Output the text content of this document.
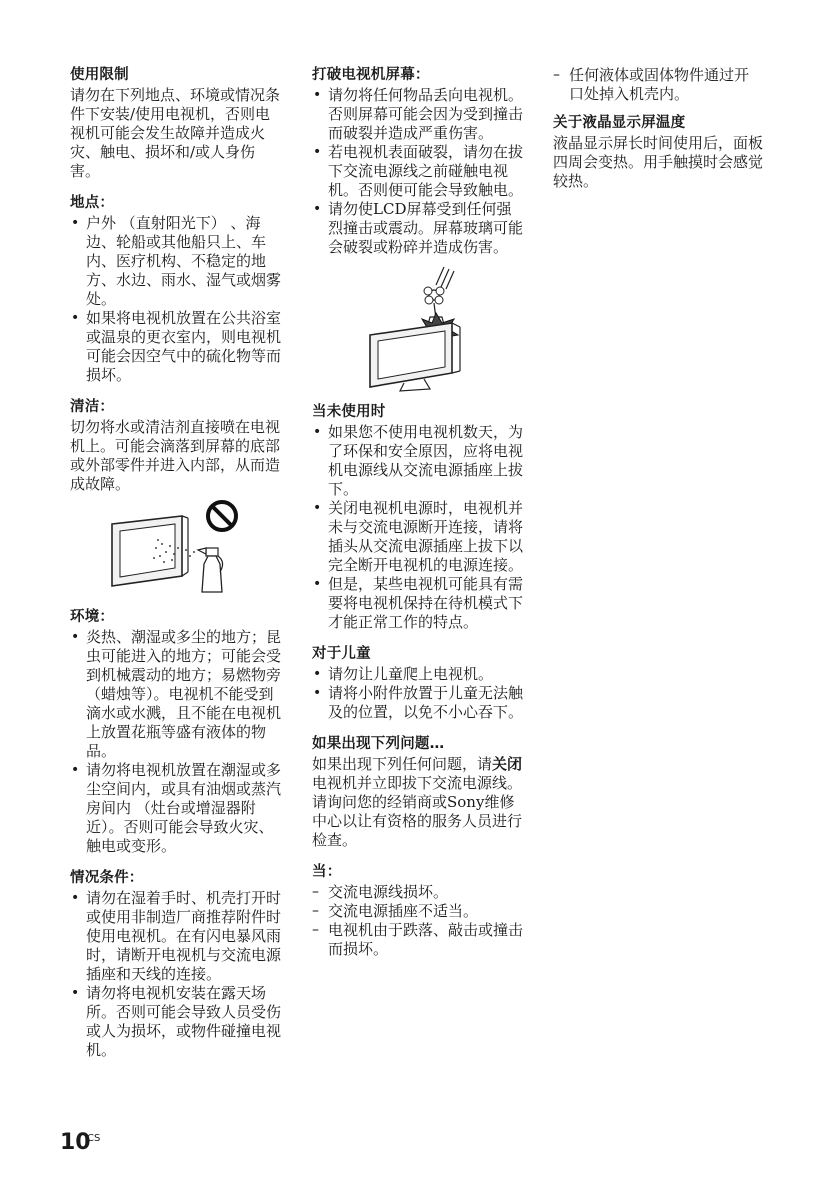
使用限制

请勿在下列地点、环境或情况条件下安装/使用电视机，否则电视机可能会发生故障并造成火灾、触电、损坏和/或人身伤害。

地点：
• 户外 （直射阳光下） 、海边、轮船或其他船只上、车内、医疗机构、不稳定的地方、水边、雨水、湿气或烟雾处。
• 如果将电视机放置在公共浴室或温泉的更衣室内，则电视机可能会因空气中的硫化物等而损坏。
清洁：

切勿将水或清洁剂直接喷在电视机上。可能会滴落到屏幕的底部或外部零件并进入内部，从而造成故障。

环境：
• 炎热、潮湿或多尘的地方；昆虫可能进入的地方；可能会受到机械震动的地方；易燃物旁 （蜡烛等）。电视机不能受到滴水或水溅，且不能在电视机上放置花瓶等盛有液体的物品。
• 请勿将电视机放置在潮湿或多尘空间内，或具有油烟或蒸汽房间内 （灶台或增湿器附近）。否则可能会导致火灾、触电或变形。
情况条件：
• 请勿在湿着手时、机壳打开时或使用非制造厂商推荐附件时使用电视机。在有闪电暴风雨时，请断开电视机与交流电源插座和天线的连接。
• 请勿将电视机安装在露天场所。否则可能会导致人员受伤或人为损坏，或物件碰撞电视机。
打破电视机屏幕：
• 请勿将任何物品丢向电视机。否则屏幕可能会因为受到撞击而破裂并造成严重伤害。
• 若电视机表面破裂，请勿在拔下交流电源线之前碰触电视机。否则便可能会导致触电。
• 请勿使LCD屏幕受到任何强烈撞击或震动。屏幕玻璃可能会破裂或粉碎并造成伤害。
当未使用时
• 如果您不使用电视机数天，为了环保和安全原因，应将电视机电源线从交流电源插座上拔下。
• 关闭电视机电源时，电视机并未与交流电源断开连接，请将插头从交流电源插座上拔下以完全断开电视机的电源连接。
• 但是，某些电视机可能具有需要将电视机保持在待机模式下才能正常工作的特点。
对于儿童
• 请勿让儿童爬上电视机。
• 请将小附件放置于儿童无法触及的位置，以免不小心吞下。
如果出现下列问题…

如果出现下列任何问题，请关闭电视机并立即拔下交流电源线。

请询问您的经销商或Sony维修中心以让有资格的服务人员进行检查。

当：
– 交流电源线损坏。
– 交流电源插座不适当。
– 电视机由于跌落、敲击或撞击而损坏。
– 任何液体或固体物件通过开口处掉入机壳内。
关于液晶显示屏温度

液晶显示屏长时间使用后，面板四周会变热。用手触摸时会感觉较热。

10
CS
